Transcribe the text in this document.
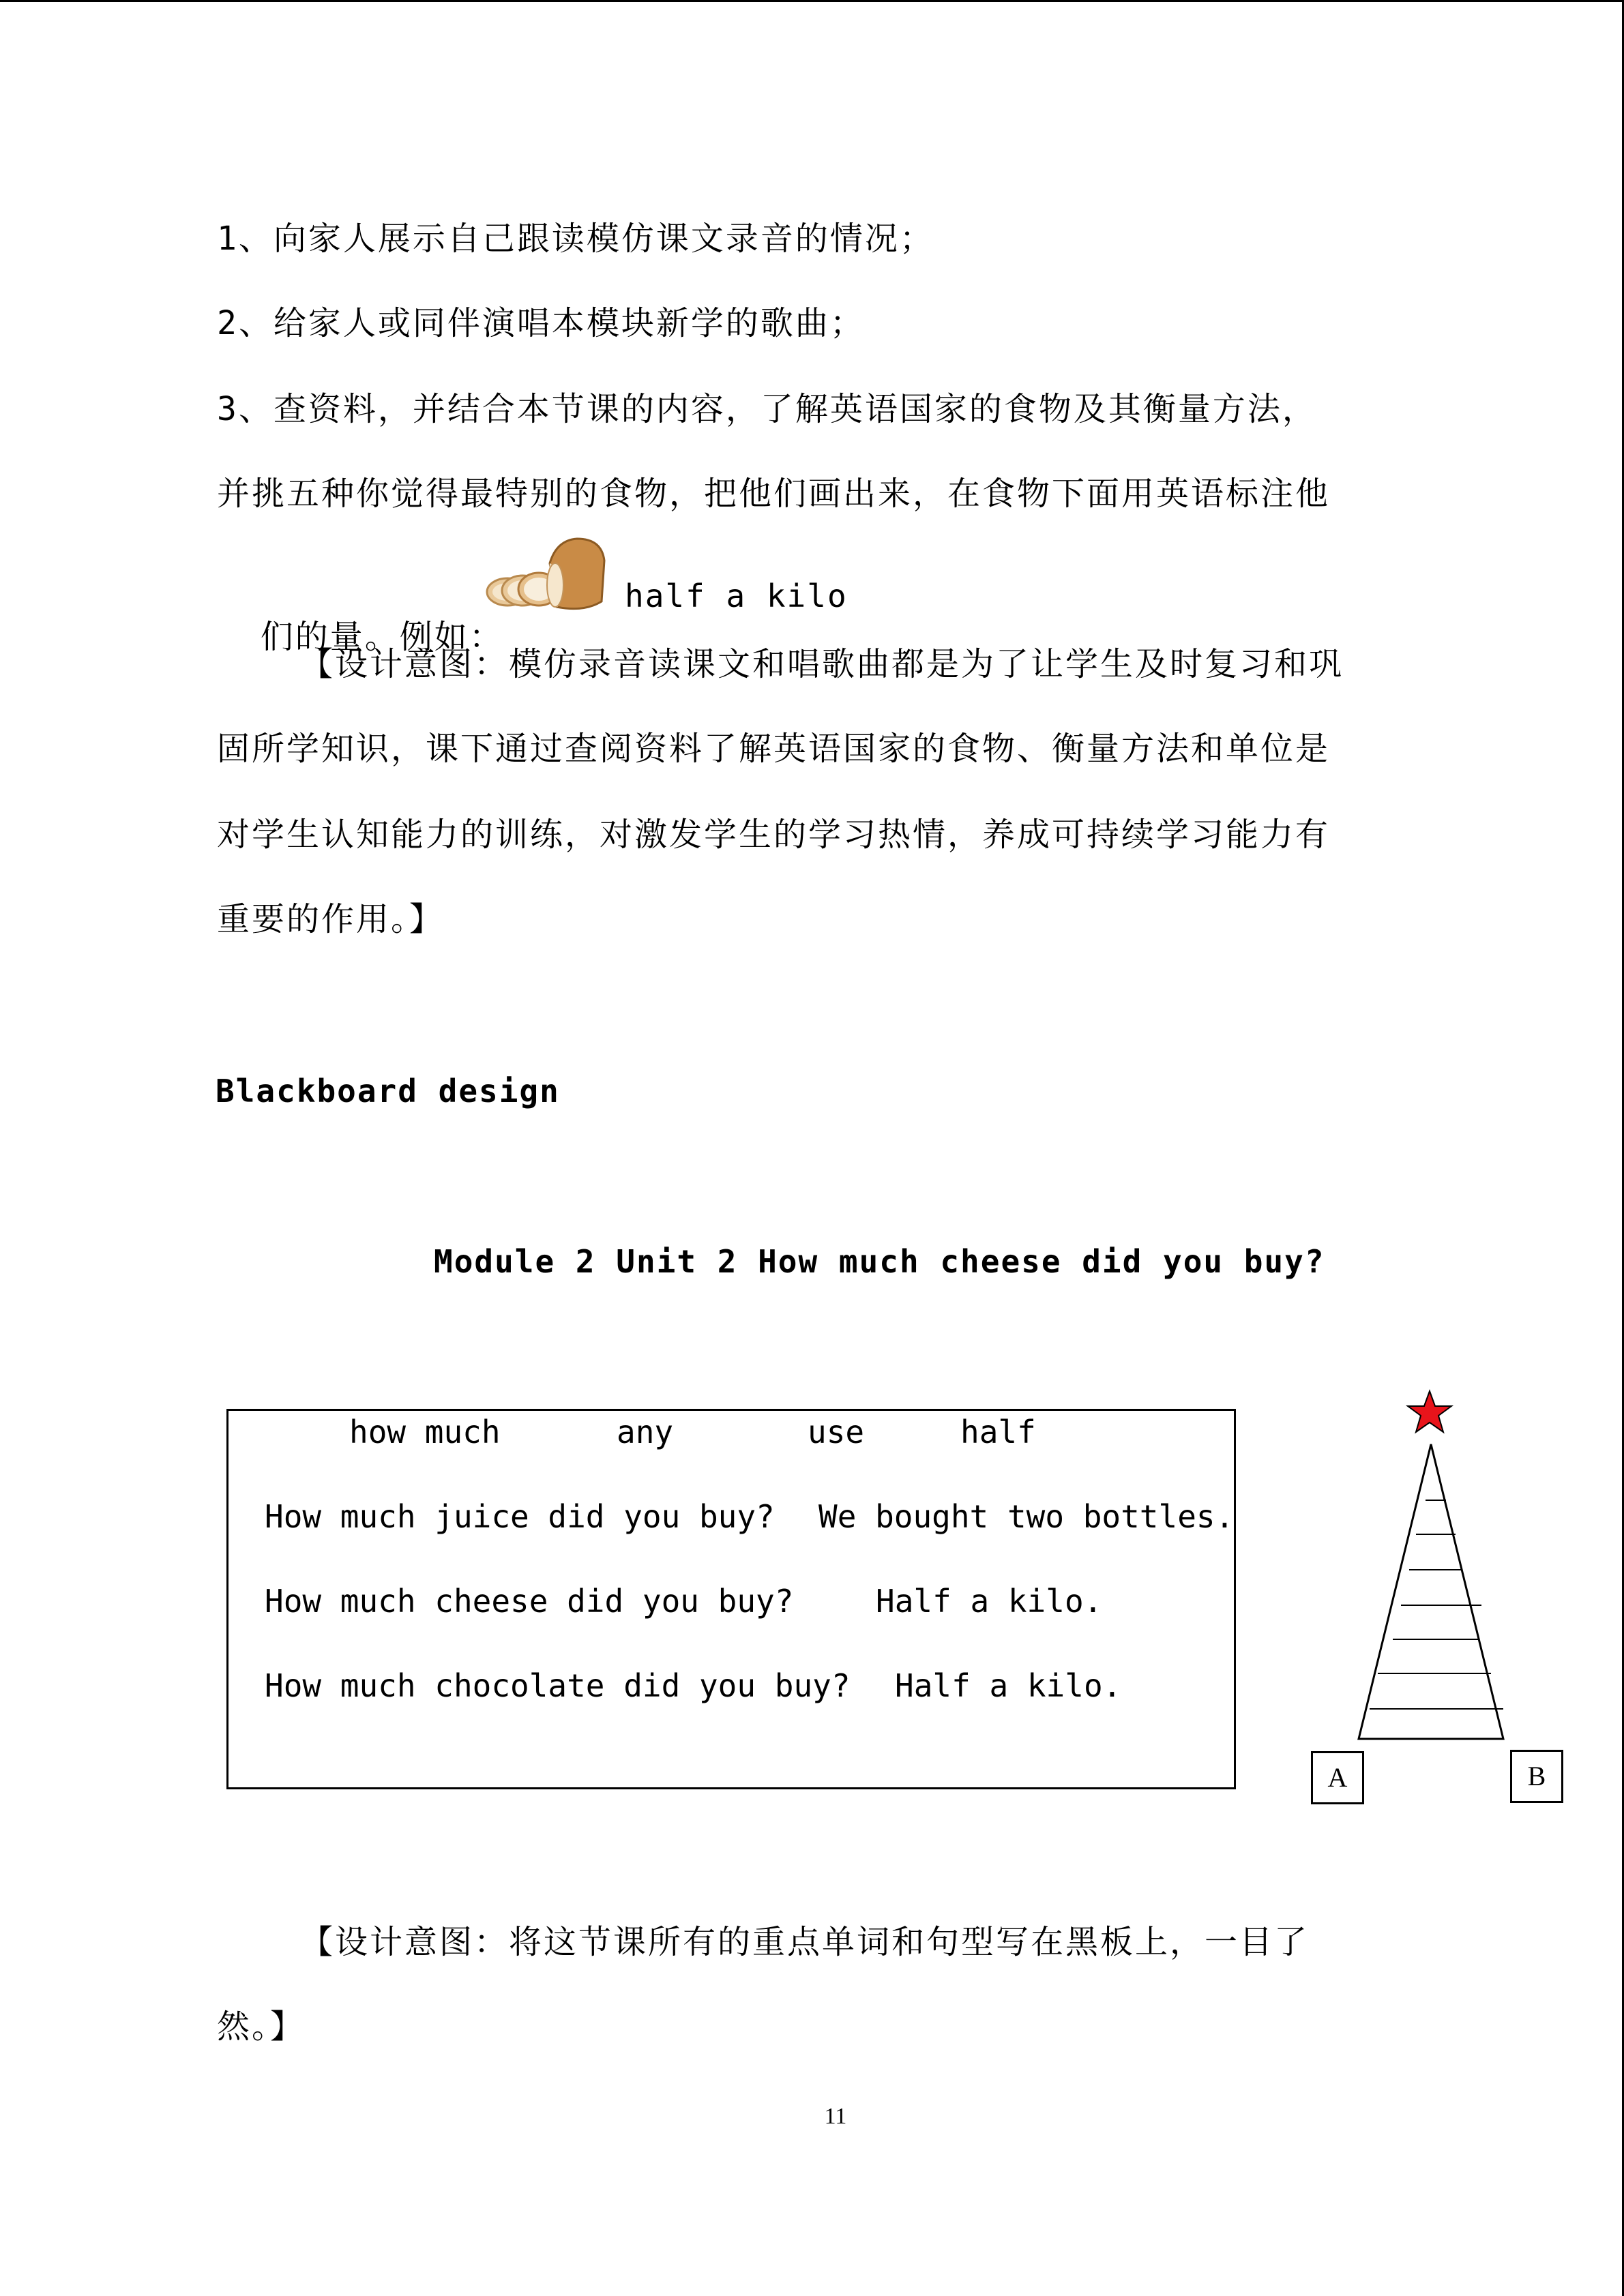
1、向家人展示自己跟读模仿课文录音的情况；
2、给家人或同伴演唱本模块新学的歌曲；
3、查资料，并结合本节课的内容，了解英语国家的食物及其衡量方法，
并挑五种你觉得最特别的食物，把他们画出来，在食物下面用英语标注他

们的量。例如：

half a kilo
【设计意图：模仿录音读课文和唱歌曲都是为了让学生及时复习和巩
固所学知识，课下通过查阅资料了解英语国家的食物、衡量方法和单位是
对学生认知能力的训练，对激发学生的学习热情，养成可持续学习能力有
重要的作用。】
Blackboard design
Module 2 Unit 2 How much cheese did you buy?
how much	any	use	half
How much juice did you buy? We bought two bottles.
How much cheese did you buy?	Half a kilo.
How much chocolate did you buy? Half a kilo.
A	B
【设计意图：将这节课所有的重点单词和句型写在黑板上，一目了
然。】
11
